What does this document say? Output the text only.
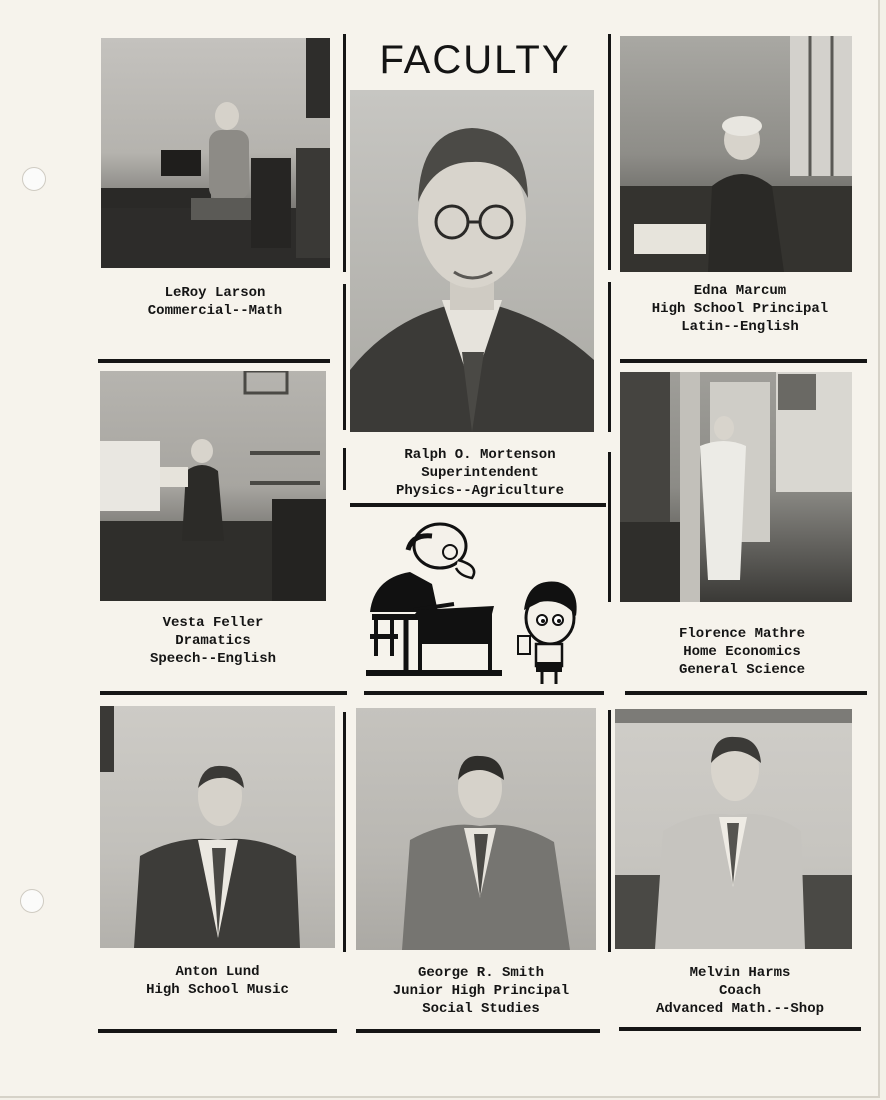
FACULTY
LeRoy Larson
Commercial--Math
Ralph O. Mortenson
Superintendent
Physics--Agriculture
Edna Marcum
High School Principal
Latin--English
Vesta Feller
Dramatics
Speech--English
Florence Mathre
Home Economics
General Science
Anton Lund
High School Music
George R. Smith
Junior High Principal
Social Studies
Melvin Harms
Coach
Advanced Math.--Shop
